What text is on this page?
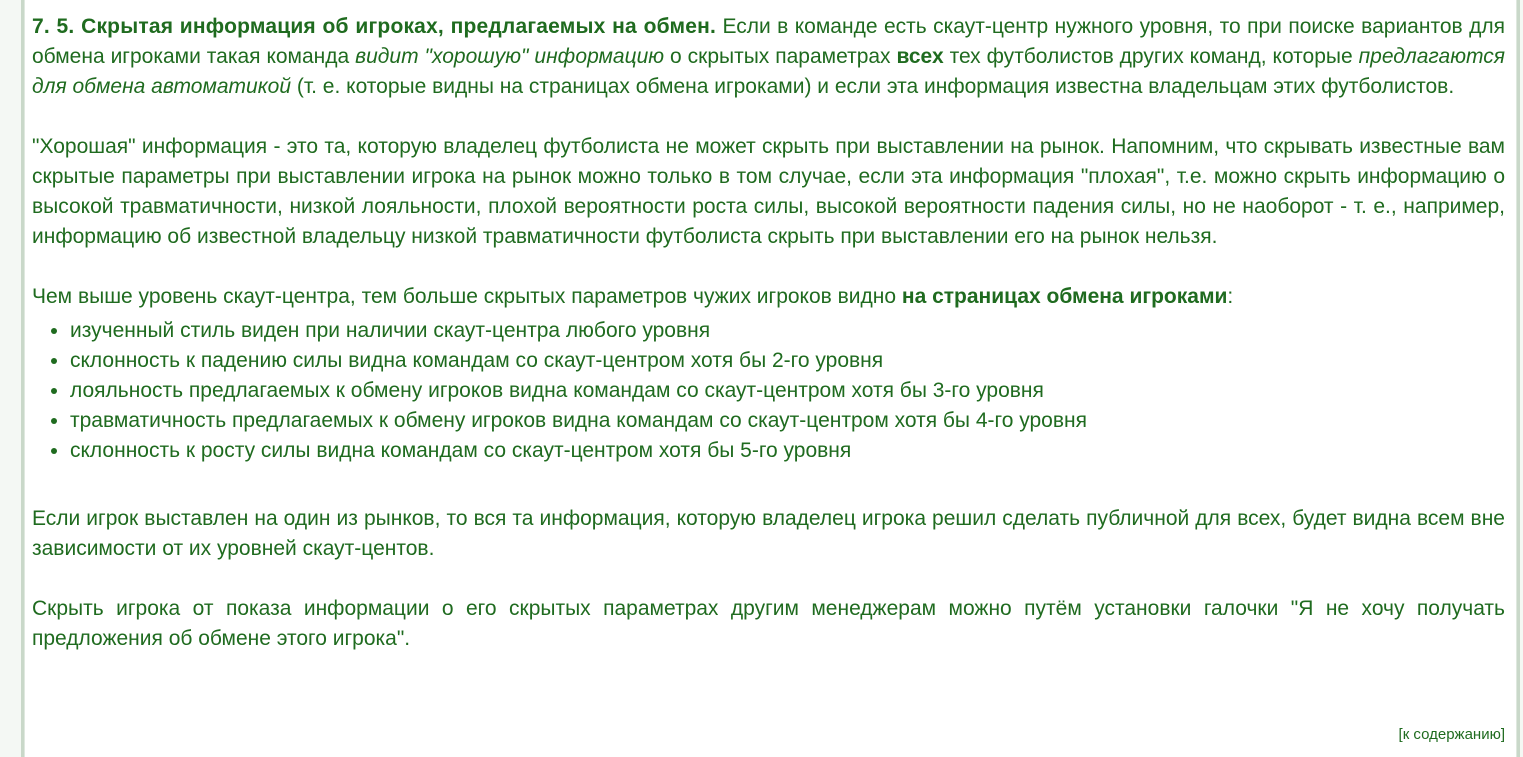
7. 5. Скрытая информация об игроках, предлагаемых на обмен. Если в команде есть скаут-центр нужного уровня, то при поиске вариантов для обмена игроками такая команда видит "хорошую" информацию о скрытых параметрах всех тех футболистов других команд, которые предлагаются для обмена автоматикой (т. е. которые видны на страницах обмена игроками) и если эта информация известна владельцам этих футболистов.

"Хорошая" информация - это та, которую владелец футболиста не может скрыть при выставлении на рынок. Напомним, что скрывать известные вам скрытые параметры при выставлении игрока на рынок можно только в том случае, если эта информация "плохая", т.е. можно скрыть информацию о высокой травматичности, низкой лояльности, плохой вероятности роста силы, высокой вероятности падения силы, но не наоборот - т. е., например, информацию об известной владельцу низкой травматичности футболиста скрыть при выставлении его на рынок нельзя.

Чем выше уровень скаут-центра, тем больше скрытых параметров чужих игроков видно на страницах обмена игроками:

• изученный стиль виден при наличии скаут-центра любого уровня
• склонность к падению силы видна командам со скаут-центром хотя бы 2-го уровня
• лояльность предлагаемых к обмену игроков видна командам со скаут-центром хотя бы 3-го уровня
• травматичность предлагаемых к обмену игроков видна командам со скаут-центром хотя бы 4-го уровня
• склонность к росту силы видна командам со скаут-центром хотя бы 5-го уровня

Если игрок выставлен на один из рынков, то вся та информация, которую владелец игрока решил сделать публичной для всех, будет видна всем вне зависимости от их уровней скаут-центов.

Скрыть игрока от показа информации о его скрытых параметрах другим менеджерам можно путём установки галочки "Я не хочу получать предложения об обмене этого игрока".

[к содержанию]
